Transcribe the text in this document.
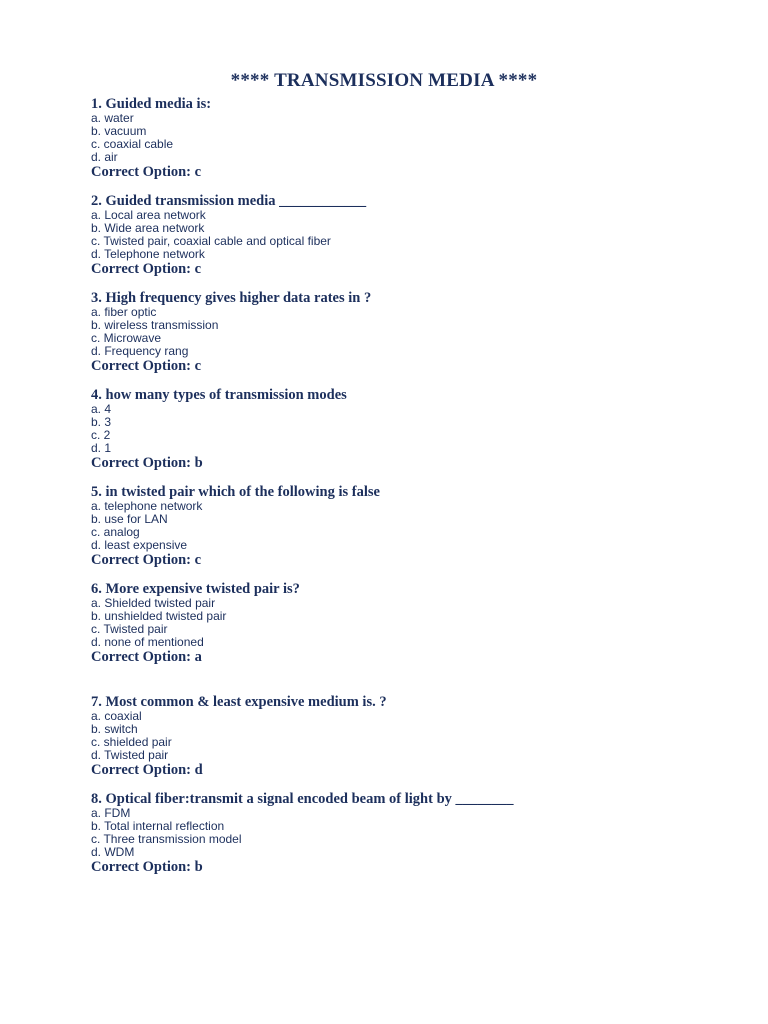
**** TRANSMISSION MEDIA ****
1. Guided media is:
a. water
b. vacuum
c. coaxial cable
d. air
Correct Option: c
2. Guided transmission media ____________
a. Local area network
b. Wide area network
c. Twisted pair, coaxial cable and optical fiber
d. Telephone network
Correct Option: c
3. High frequency gives higher data rates in ?
a. fiber optic
b. wireless transmission
c. Microwave
d. Frequency rang
Correct Option: c
4. how many types of transmission modes
a. 4
b. 3
c. 2
d. 1
Correct Option: b
5. in twisted pair which of the following is false
a. telephone network
b. use for LAN
c. analog
d. least expensive
Correct Option: c
6. More expensive twisted pair is?
a. Shielded twisted pair
b. unshielded twisted pair
c. Twisted pair
d. none of mentioned
Correct Option: a
7. Most common & least expensive medium is. ?
a. coaxial
b. switch
c. shielded pair
d. Twisted pair
Correct Option: d
8. Optical fiber:transmit a signal encoded beam of light by ________
a. FDM
b. Total internal reflection
c. Three transmission model
d. WDM
Correct Option: b
